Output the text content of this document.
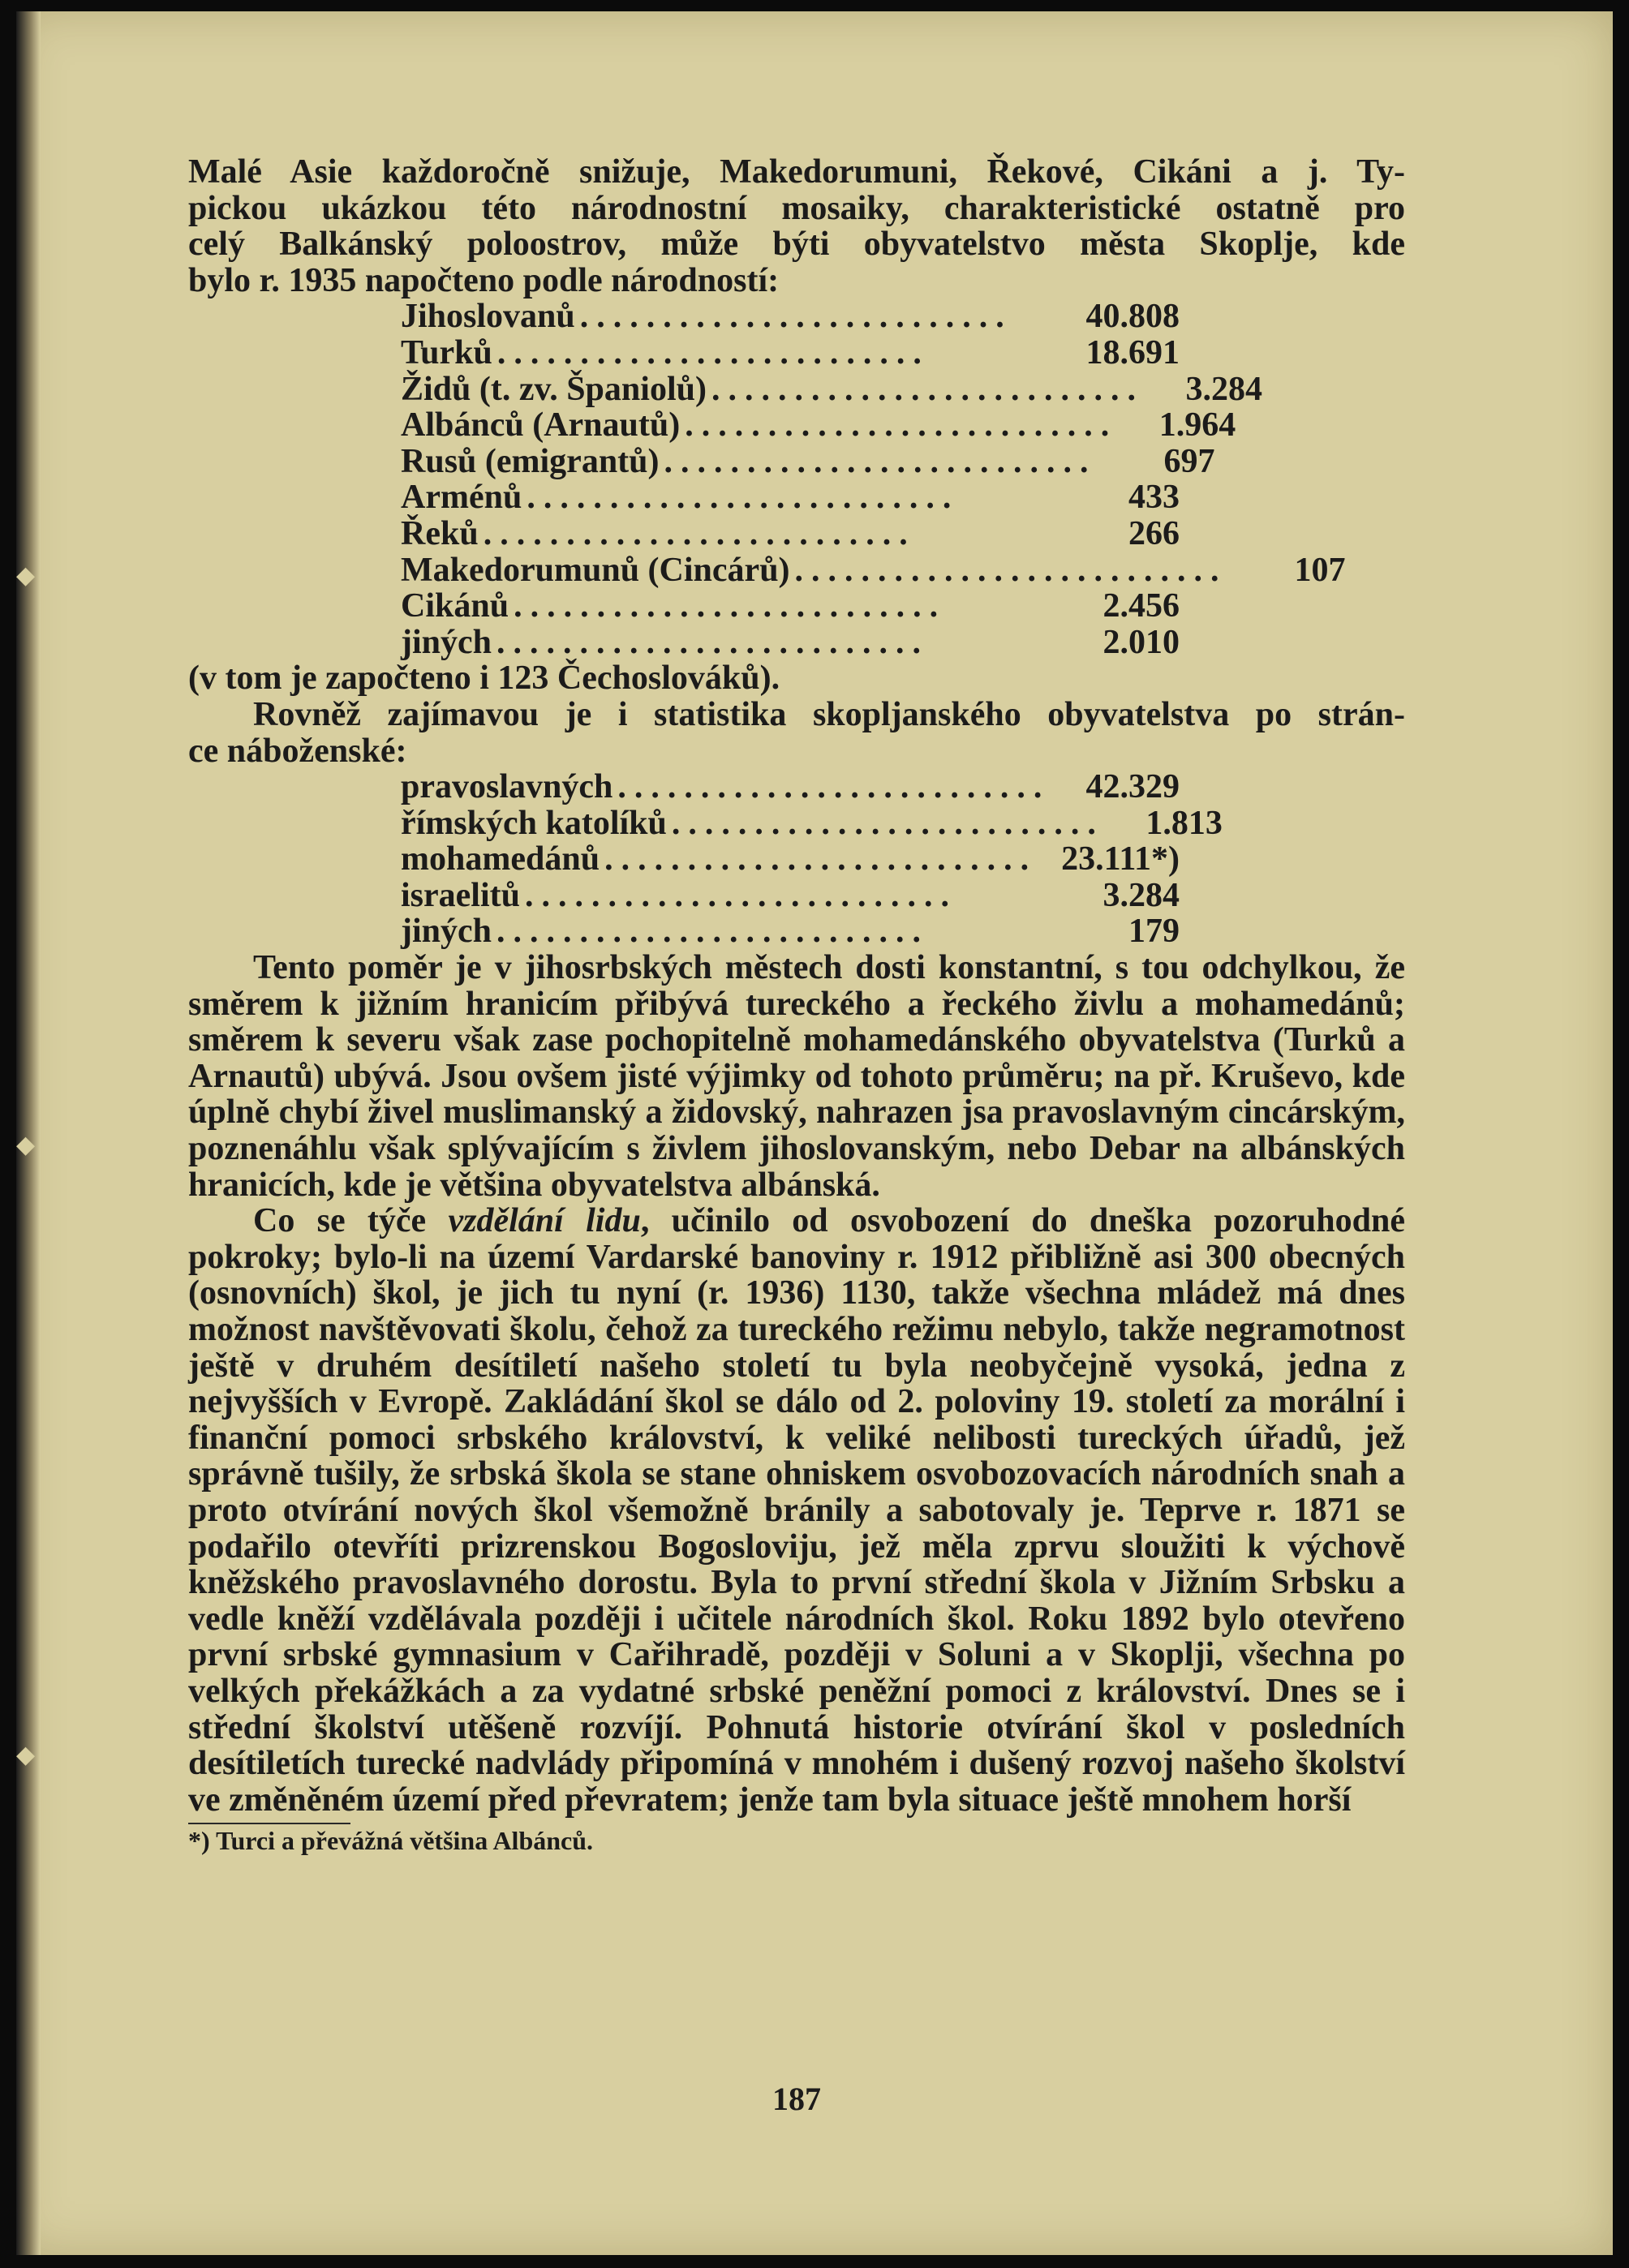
◆
◆
◆

Malé Asie každoročně snižuje, Makedorumuni, Řekové, Cikáni a j. Ty-

pickou ukázkou této národnostní mosaiky, charakteristické ostatně pro

celý Balkánský poloostrov, může býti obyvatelstvo města Skoplje, kde

bylo r. 1935 napočteno podle národností:

Jihoslovanů ..........................	40.808
Turků ..........................	18.691
Židů (t. zv. Španiolů) ..........................	3.284
Albánců (Arnautů) ..........................	1.964
Rusů (emigrantů) ..........................	697
Arménů ..........................	433
Řeků ..........................	266
Makedorumunů (Cincárů) ..........................	107
Cikánů ..........................	2.456
jiných ..........................	2.010

(v tom je započteno i 123 Čechoslováků).

Rovněž zajímavou je i statistika skopljanského obyvatelstva po strán-

ce náboženské:

pravoslavných ..........................	42.329
římských katolíků ..........................	1.813
mohamedánů .......................... 23.111*)
israelitů ..........................	3.284
jiných ..........................	179

Tento poměr je v jihosrbských městech dosti konstantní, s tou odchylkou, že směrem k jižním hranicím přibývá tureckého a řeckého živlu a mohamedánů; směrem k severu však zase pochopitelně mohamedánského obyvatelstva (Turků a Arnautů) ubývá. Jsou ovšem jisté výjimky od tohoto průměru; na př. Kruševo, kde úplně chybí živel muslimanský a židovský, nahrazen jsa pravoslavným cincárským, poznenáhlu však splývajícím s živlem jihoslovanským, nebo Debar na albánských hranicích, kde je většina obyvatelstva albánská.

Co se týče vzdělání lidu, učinilo od osvobození do dneška pozoruhodné pokroky; bylo-li na území Vardarské banoviny r. 1912 přibližně asi 300 obecných (osnovních) škol, je jich tu nyní (r. 1936) 1130, takže všechna mládež má dnes možnost navštěvovati školu, čehož za tureckého režimu nebylo, takže negramotnost ještě v druhém desítiletí našeho století tu byla neobyčejně vysoká, jedna z nejvyšších v Evropě. Zakládání škol se dálo od 2. poloviny 19. století za morální i finanční pomoci srbského království, k veliké nelibosti tureckých úřadů, jež správně tušily, že srbská škola se stane ohniskem osvobozovacích národních snah a proto otvírání nových škol všemožně bránily a sabotovaly je. Teprve r. 1871 se podařilo otevříti prizrenskou Bogosloviju, jež měla zprvu sloužiti k výchově kněžského pravoslavného dorostu. Byla to první střední škola v Jižním Srbsku a vedle kněží vzdělávala později i učitele národních škol. Roku 1892 bylo otevřeno první srbské gymnasium v Cařihradě, později v Soluni a v Skoplji, všechna po velkých překážkách a za vydatné srbské peněžní pomoci z království. Dnes se i střední školství utěšeně rozvíjí. Pohnutá historie otvírání škol v posledních desítiletích turecké nadvlády připomíná v mnohém i dušený rozvoj našeho školství ve změněném území před převratem; jenže tam byla situace ještě mnohem horší

*) Turci a převážná většina Albánců.

187
